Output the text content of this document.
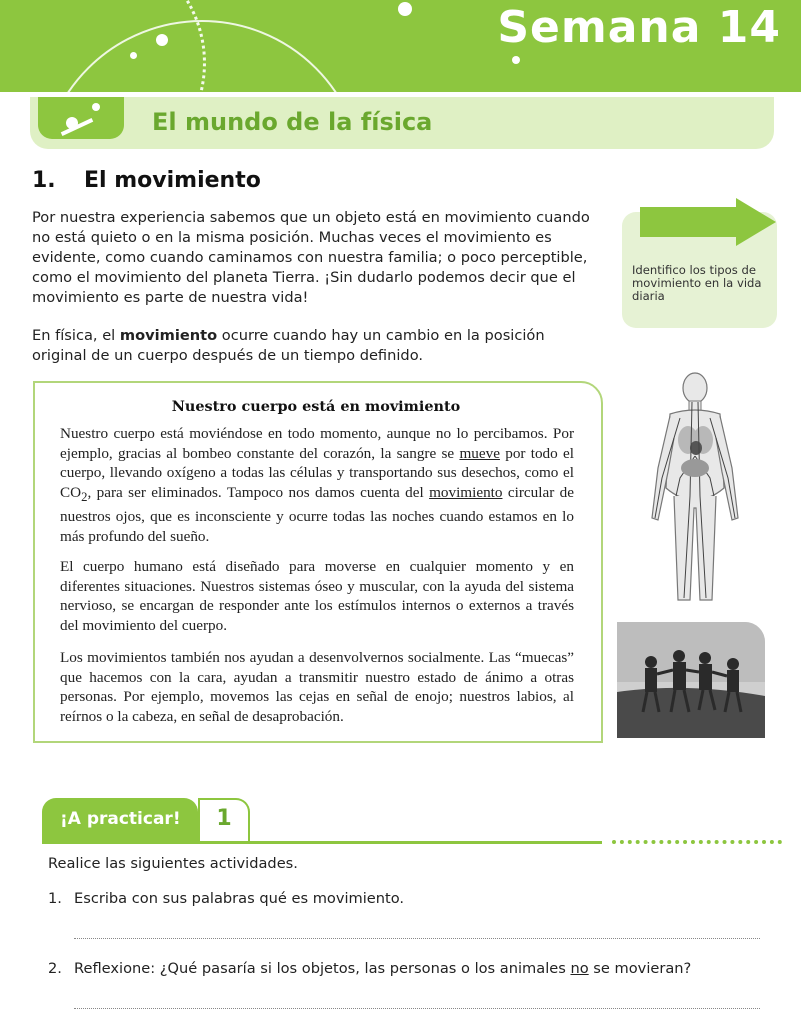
Semana 14
El mundo de la física
1. El movimiento
Por nuestra experiencia sabemos que un objeto está en movimiento cuando no está quieto o en la misma posición. Muchas veces el movimiento es evidente, como cuando caminamos con nuestra familia; o poco perceptible, como el movimiento del planeta Tierra. ¡Sin dudarlo podemos decir que el movimiento es parte de nuestra vida!
En física, el movimiento ocurre cuando hay un cambio en la posición original de un cuerpo después de un tiempo definido.
Identifico los tipos de movimiento en la vida diaria
Nuestro cuerpo está en movimiento
Nuestro cuerpo está moviéndose en todo momento, aunque no lo percibamos. Por ejemplo, gracias al bombeo constante del corazón, la sangre se mueve por todo el cuerpo, llevando oxígeno a todas las células y transportando sus desechos, como el $CO_2$, para ser eliminados. Tampoco nos damos cuenta del movimiento circular de nuestros ojos, que es inconsciente y ocurre todas las noches cuando estamos en lo más profundo del sueño.
El cuerpo humano está diseñado para moverse en cualquier momento y en diferentes situaciones. Nuestros sistemas óseo y muscular, con la ayuda del sistema nervioso, se encargan de responder ante los estímulos internos o externos a través del movimiento del cuerpo.
Los movimientos también nos ayudan a desenvolvernos socialmente. Las “muecas” que hacemos con la cara, ayudan a transmitir nuestro estado de ánimo a otras personas. Por ejemplo, movemos las cejas en señal de enojo; nuestros labios, al reírnos o la cabeza, en señal de desaprobación.
¡A practicar!	1
Realice las siguientes actividades.
1. Escriba con sus palabras qué es movimiento.
2. Reflexione: ¿Qué pasaría si los objetos, las personas o los animales no se movieran?
